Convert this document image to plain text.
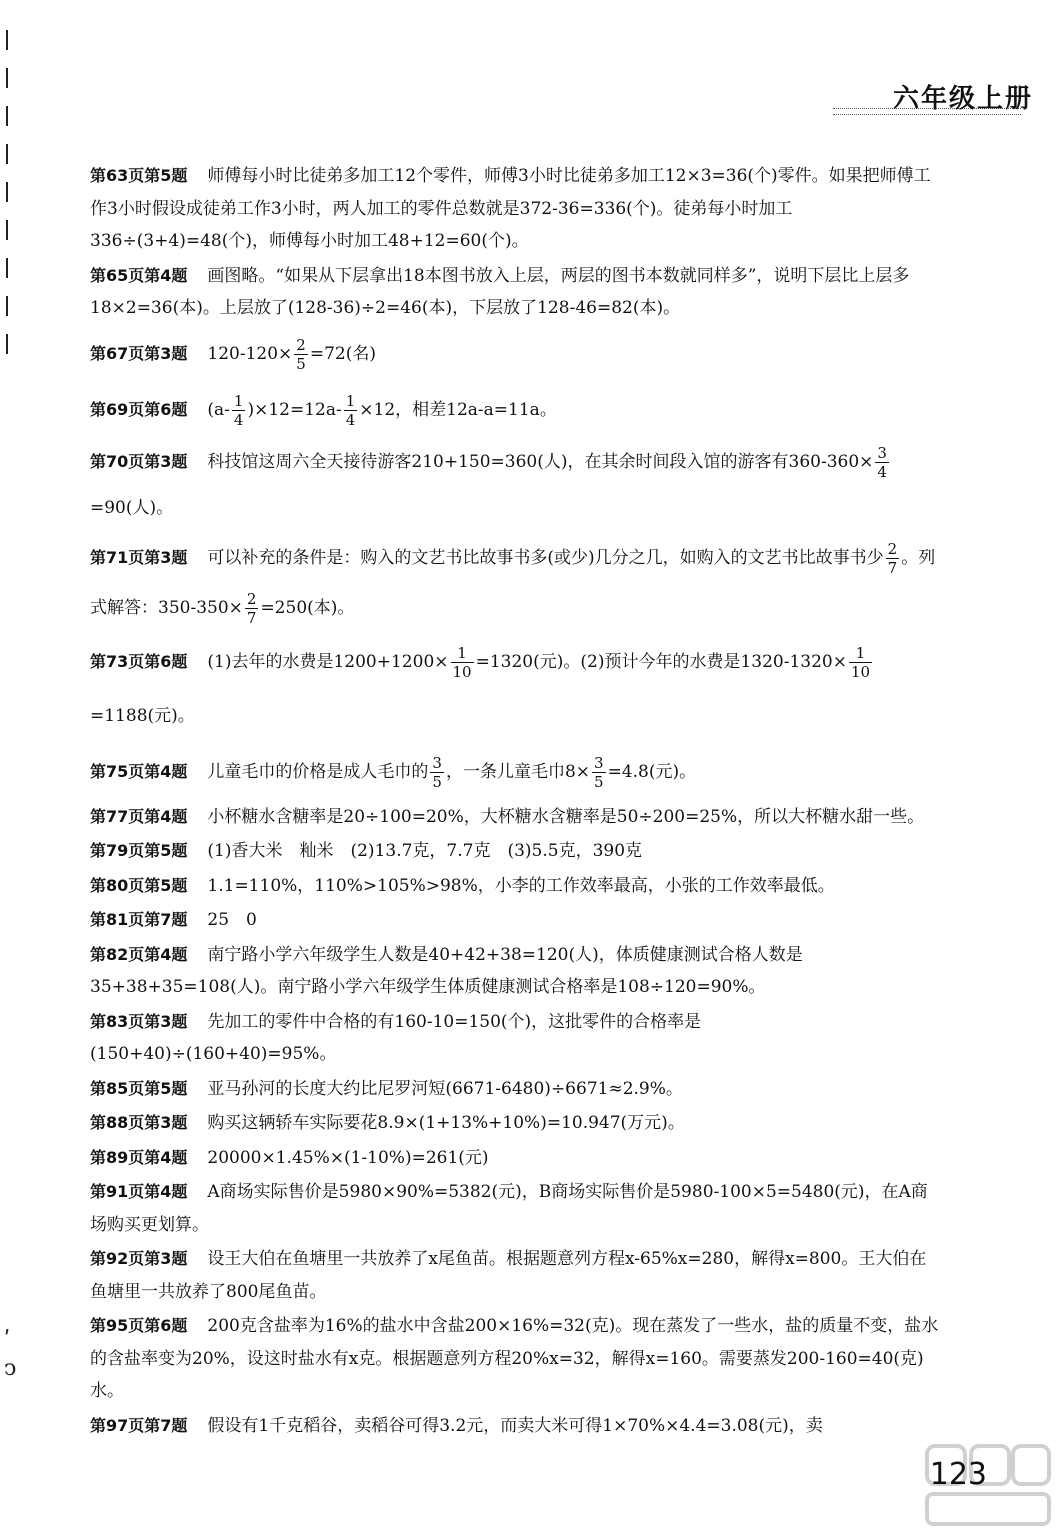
六年级上册
第63页第5题 师傅每小时比徒弟多加工12个零件，师傅3小时比徒弟多加工12×3=36(个)零件。如果把师傅工作3小时假设成徒弟工作3小时，两人加工的零件总数就是372-36=336(个)。徒弟每小时加工336÷(3+4)=48(个)，师傅每小时加工48+12=60(个)。
第65页第4题 画图略。“如果从下层拿出18本图书放入上层，两层的图书本数就同样多”，说明下层比上层多18×2=36(本)。上层放了(128-36)÷2=46(本)，下层放了128-46=82(本)。
第67页第3题 $120-120\times \frac{2}{5} =72$(名)
第69页第6题 $(a- \frac{1}{4} )\times 12=12a- \frac{1}{4} \times 12$，相差12a-a=11a。
第70页第3题 科技馆这周六全天接待游客210+150=360(人)，在其余时间段入馆的游客有$360-360\times \frac{3}{4}$
=90(人)。
第71页第3题 可以补充的条件是：购入的文艺书比故事书多(或少)几分之几，如购入的文艺书比故事书少 $\frac{2}{7}$ 。列式解答：$350-350\times \frac{2}{7} =250$(本)。
第73页第6题 (1)去年的水费是$1200+1200\times \frac{1}{10} =1320$(元)。(2)预计今年的水费是$1320-1320\times \frac{1}{10}$
=1188(元)。
第75页第4题 儿童毛巾的价格是成人毛巾的 $\frac{3}{5}$ ，一条儿童毛巾$8\times \frac{3}{5} =4.8$(元)。
第77页第4题 小杯糖水含糖率是20÷100=20%，大杯糖水含糖率是50÷200=25%，所以大杯糖水甜一些。
第79页第5题 (1)香大米　籼米　(2)13.7克，7.7克　(3)5.5克，390克
第80页第5题 1.1=110%，110%>105%>98%，小李的工作效率最高，小张的工作效率最低。
第81页第7题 25　0
第82页第4题 南宁路小学六年级学生人数是40+42+38=120(人)，体质健康测试合格人数是35+38+35=108(人)。南宁路小学六年级学生体质健康测试合格率是108÷120=90%。
第83页第3题 先加工的零件中合格的有160-10=150(个)，这批零件的合格率是(150+40)÷(160+40)=95%。
第85页第5题 亚马孙河的长度大约比尼罗河短(6671-6480)÷6671≈2.9%。
第88页第3题 购买这辆轿车实际要花8.9×(1+13%+10%)=10.947(万元)。
第89页第4题 20000×1.45%×(1-10%)=261(元)
第91页第4题 A商场实际售价是5980×90%=5382(元)，B商场实际售价是5980-100×5=5480(元)，在A商场购买更划算。
第92页第3题 设王大伯在鱼塘里一共放养了x尾鱼苗。根据题意列方程x-65%x=280，解得x=800。王大伯在鱼塘里一共放养了800尾鱼苗。
第95页第6题 200克含盐率为16%的盐水中含盐200×16%=32(克)。现在蒸发了一些水，盐的质量不变，盐水的含盐率变为20%，设这时盐水有x克。根据题意列方程20%x=32，解得x=160。需要蒸发200-160=40(克)水。
第97页第7题 假设有1千克稻谷，卖稻谷可得3.2元，而卖大米可得1×70%×4.4=3.08(元)，卖
ʹ
ͻ
123
